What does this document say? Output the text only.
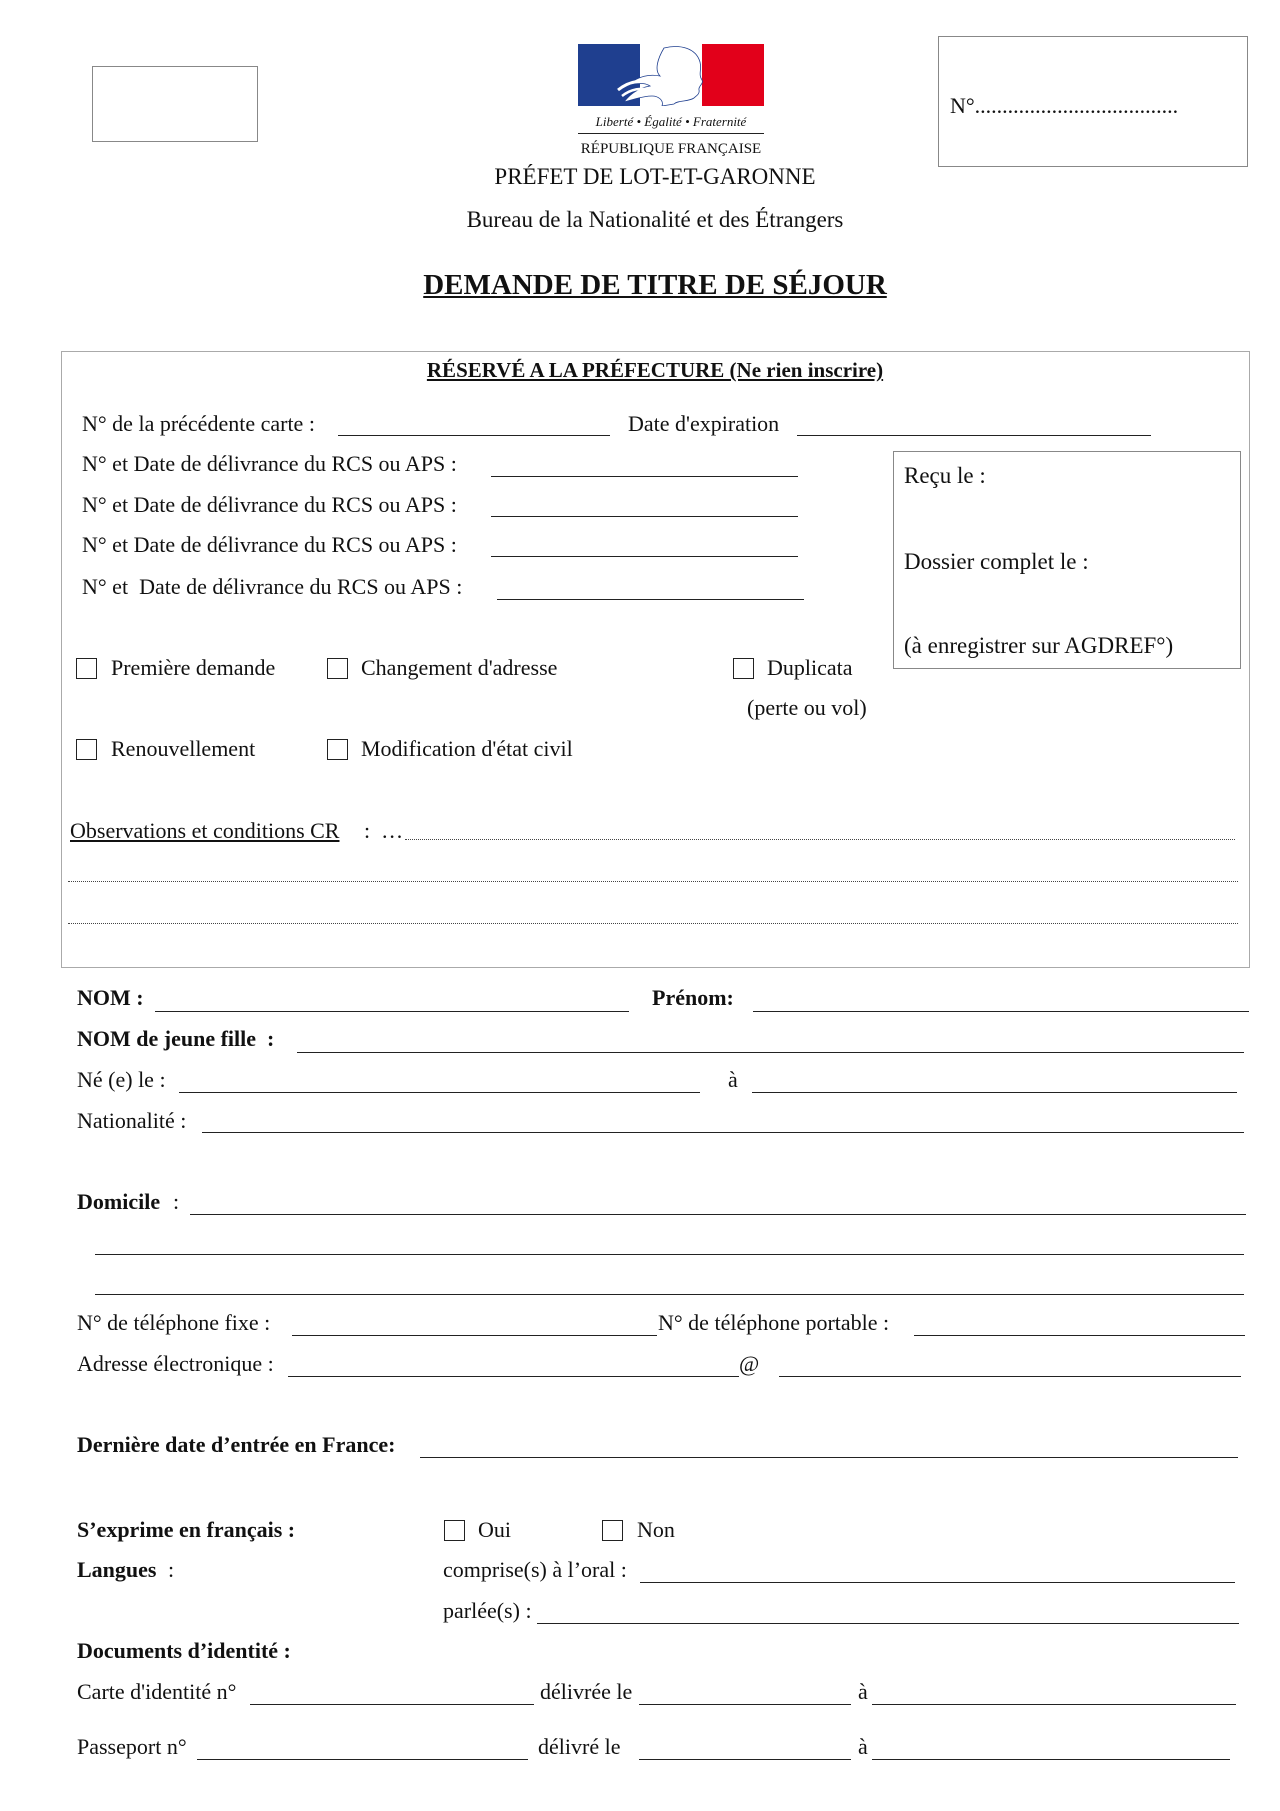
Liberté • Égalité • Fraternité
RÉPUBLIQUE FRANÇAISE
PRÉFET DE LOT-ET-GARONNE
Bureau de la Nationalité et des Étrangers
N°.....................................
DEMANDE DE TITRE DE SÉJOUR
RÉSERVÉ A LA PRÉFECTURE (Ne rien inscrire)
N° de la précédente carte :	Date d'expiration
N° et Date de délivrance du RCS ou APS :
N° et Date de délivrance du RCS ou APS :
N° et Date de délivrance du RCS ou APS :
N° et  Date de délivrance du RCS ou APS :
Reçu le :
Dossier complet le :
(à enregistrer sur AGDREF°)
Première demande	Changement d'adresse	Duplicata
(perte ou vol)
Renouvellement	Modification d'état civil
Observations et conditions CR :  …
NOM :	Prénom:
NOM de jeune fille  :
Né (e) le :	à
Nationalité :
Domicile :
N° de téléphone fixe :	N° de téléphone portable :
Adresse électronique :	@
Dernière date d’entrée en France:
S’exprime en français :	Oui	Non
Langues :	comprise(s) à l’oral :
parlée(s) :
Documents d’identité :
Carte d'identité n°	délivrée le	à
Passeport n°	délivré le	à
